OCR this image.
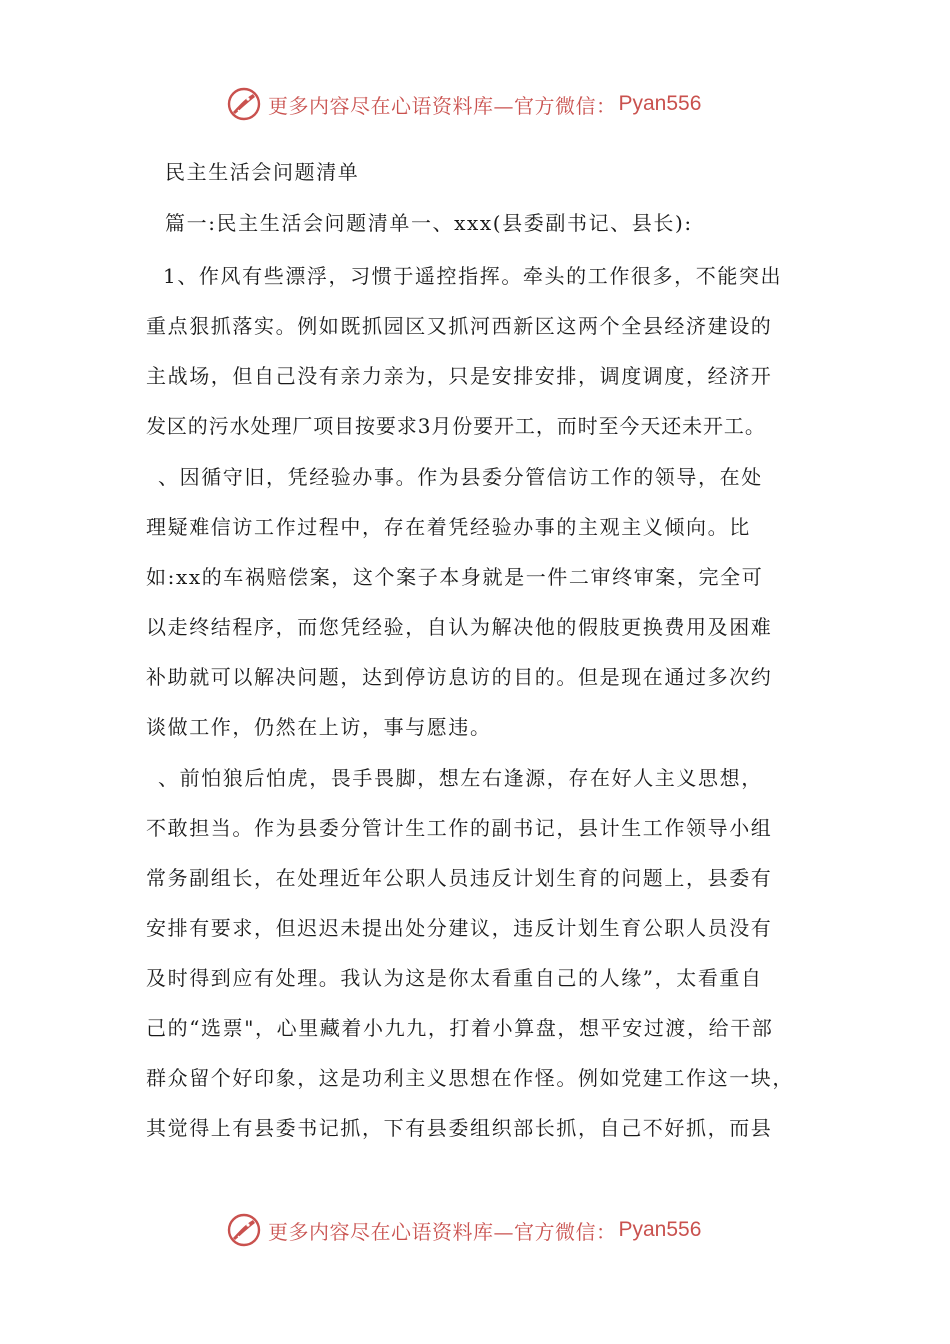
更多内容尽在心语资料库—官方微信： Pyan556
民主生活会问题清单
篇一:民主生活会问题清单一、xxx(县委副书记、县长):
1、作风有些漂浮，习惯于遥控指挥。牵头的工作很多，不能突出
重点狠抓落实。例如既抓园区又抓河西新区这两个全县经济建设的
主战场，但自己没有亲力亲为，只是安排安排，调度调度，经济开
发区的污水处理厂项目按要求3月份要开工，而时至今天还未开工。
、因循守旧，凭经验办事。作为县委分管信访工作的领导，在处
理疑难信访工作过程中，存在着凭经验办事的主观主义倾向。比
如:xx的车祸赔偿案，这个案子本身就是一件二审终审案，完全可
以走终结程序，而您凭经验，自认为解决他的假肢更换费用及困难
补助就可以解决问题，达到停访息访的目的。但是现在通过多次约
谈做工作，仍然在上访，事与愿违。
、前怕狼后怕虎，畏手畏脚，想左右逢源，存在好人主义思想，
不敢担当。作为县委分管计生工作的副书记，县计生工作领导小组
常务副组长，在处理近年公职人员违反计划生育的问题上，县委有
安排有要求，但迟迟未提出处分建议，违反计划生育公职人员没有
及时得到应有处理。我认为这是你太看重自己的人缘”，太看重自
己的“选票"，心里藏着小九九，打着小算盘，想平安过渡，给干部
群众留个好印象，这是功利主义思想在作怪。例如党建工作这一块，
其觉得上有县委书记抓，下有县委组织部长抓，自己不好抓，而县
更多内容尽在心语资料库—官方微信： Pyan556
